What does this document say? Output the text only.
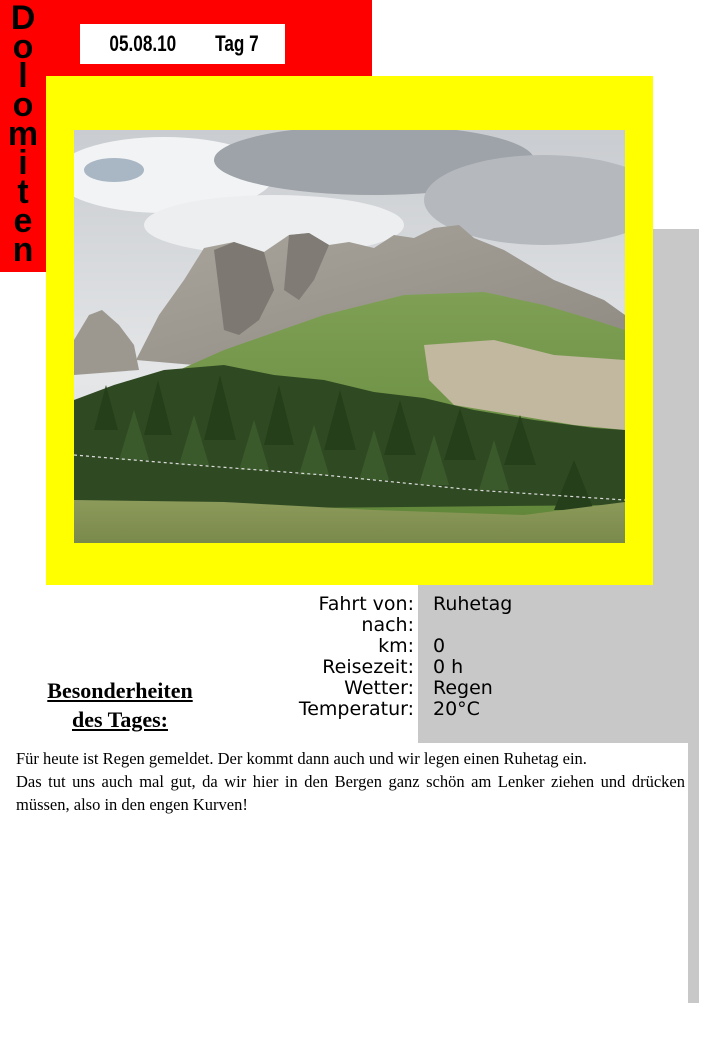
D
o
l
o
m
i
t
e
n
05.08.10 Tag 7
Fahrt von: Ruhetag
nach:
km: 0
Reisezeit: 0 h
Wetter: Regen
Temperatur: 20°C
Besonderheiten
des Tages:

Für heute ist Regen gemeldet. Der kommt dann auch und wir legen einen Ruhetag ein.

Das tut uns auch mal gut, da wir hier in den Bergen ganz schön am Lenker ziehen und drücken müssen, also in den engen Kurven!
